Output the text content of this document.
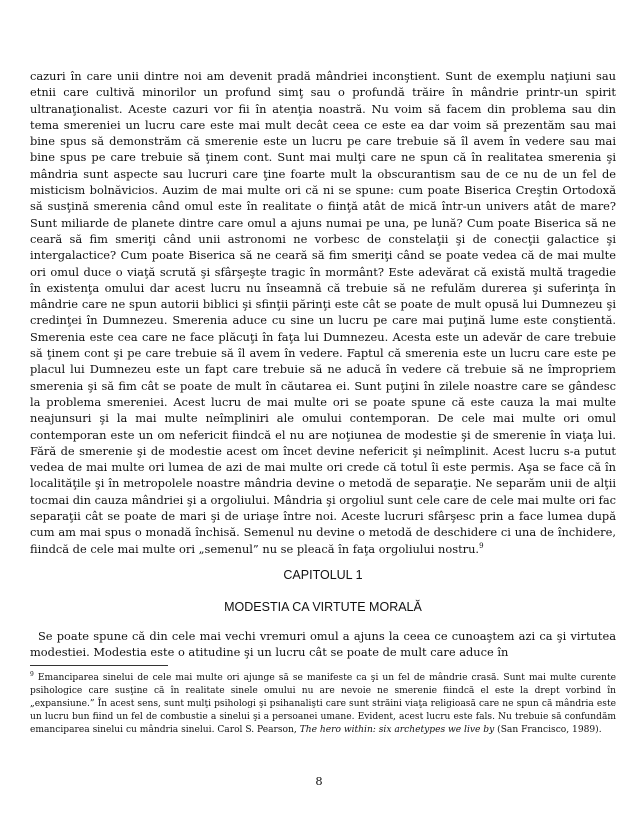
cazuri în care unii dintre noi am devenit pradă mândriei inconştient. Sunt de exemplu naţiuni sau etnii care cultivă minorilor un profund simţ sau o profundă trăire în mândrie printr-un spirit ultranaţionalist. Aceste cazuri vor fii în atenţia noastră. Nu voim să facem din problema sau din tema smereniei un lucru care este mai mult decât ceea ce este ea dar voim să prezentăm sau mai bine spus să demonstrăm că smerenie este un lucru pe care trebuie să îl avem în vedere sau mai bine spus pe care trebuie să ţinem cont. Sunt mai mulţi care ne spun că în realitatea smerenia şi mândria sunt aspecte sau lucruri care ţine foarte mult la obscurantism sau de ce nu de un fel de misticism bolnăvicios. Auzim de mai multe ori că ni se spune: cum poate Biserica Creştin Ortodoxă să susţină smerenia când omul este în realitate o fiinţă atât de mică într-un univers atât de mare? Sunt miliarde de planete dintre care omul a ajuns numai pe una, pe lună? Cum poate Biserica să ne ceară să fim smeriţi când unii astronomi ne vorbesc de constelaţii şi de conecţii galactice şi intergalactice? Cum poate Biserica să ne ceară să fim smeriţi când se poate vedea că de mai multe ori omul duce o viaţă scrută şi sfârşeşte tragic în mormânt? Este adevărat că există multă tragedie în existenţa omului dar acest lucru nu înseamnă că trebuie să ne refulăm durerea şi suferinţa în mândrie care ne spun autorii biblici şi sfinţii părinţi este cât se poate de mult opusă lui Dumnezeu şi credinţei în Dumnezeu. Smerenia aduce cu sine un lucru pe care mai puţină lume este conştientă. Smerenia este cea care ne face plăcuţi în faţa lui Dumnezeu. Acesta este un adevăr de care trebuie să ţinem cont şi pe care trebuie să îl avem în vedere. Faptul că smerenia este un lucru care este pe placul lui Dumnezeu este un fapt care trebuie să ne aducă în vedere că trebuie să ne împropriem smerenia şi să fim cât se poate de mult în căutarea ei. Sunt puţini în zilele noastre care se gândesc la problema smereniei. Acest lucru de mai multe ori se poate spune că este cauza la mai multe neajunsuri şi la mai multe neîmpliniri ale omului contemporan. De cele mai multe ori omul contemporan este un om nefericit fiindcă el nu are noţiunea de modestie şi de smerenie în viaţa lui. Fără de smerenie şi de modestie acest om încet devine nefericit şi neîmplinit. Acest lucru s-a putut vedea de mai multe ori lumea de azi de mai multe ori crede că totul îi este permis. Aşa se face că în localităţile şi în metropolele noastre mândria devine o metodă de separaţie. Ne separăm unii de alţii tocmai din cauza mândriei şi a orgoliului. Mândria şi orgoliul sunt cele care de cele mai multe ori fac separaţii cât se poate de mari şi de uriaşe între noi. Aceste lucruri sfârşesc prin a face lumea după cum am mai spus o monadă închisă. Semenul nu devine o metodă de deschidere ci una de închidere, fiindcă de cele mai multe ori „semenul” nu se pleacă în faţa orgoliului nostru.$^9$

CAPITOLUL 1
MODESTIA CA VIRTUTE MORALĂ

Se poate spune că din cele mai vechi vremuri omul a ajuns la ceea ce cunoaştem azi ca şi virtutea modestiei. Modestia este o atitudine şi un lucru cât se poate de mult care aduce în

$^9$ Emanciparea sinelui de cele mai multe ori ajunge să se manifeste ca şi un fel de mândrie crasă. Sunt mai multe curente psihologice care susţine că în realitate sinele omului nu are nevoie ne smerenie fiindcă el este la drept vorbind în „expansiune.” În acest sens, sunt mulţi psihologi şi psihanalişti care sunt străini viaţa religioasă care ne spun că mândria este un lucru bun fiind un fel de combustie a sinelui şi a persoanei umane. Evident, acest lucru este fals. Nu trebuie să confundăm emanciparea sinelui cu mândria sinelui. Carol S. Pearson, The hero within: six archetypes we live by (San Francisco, 1989).

8
